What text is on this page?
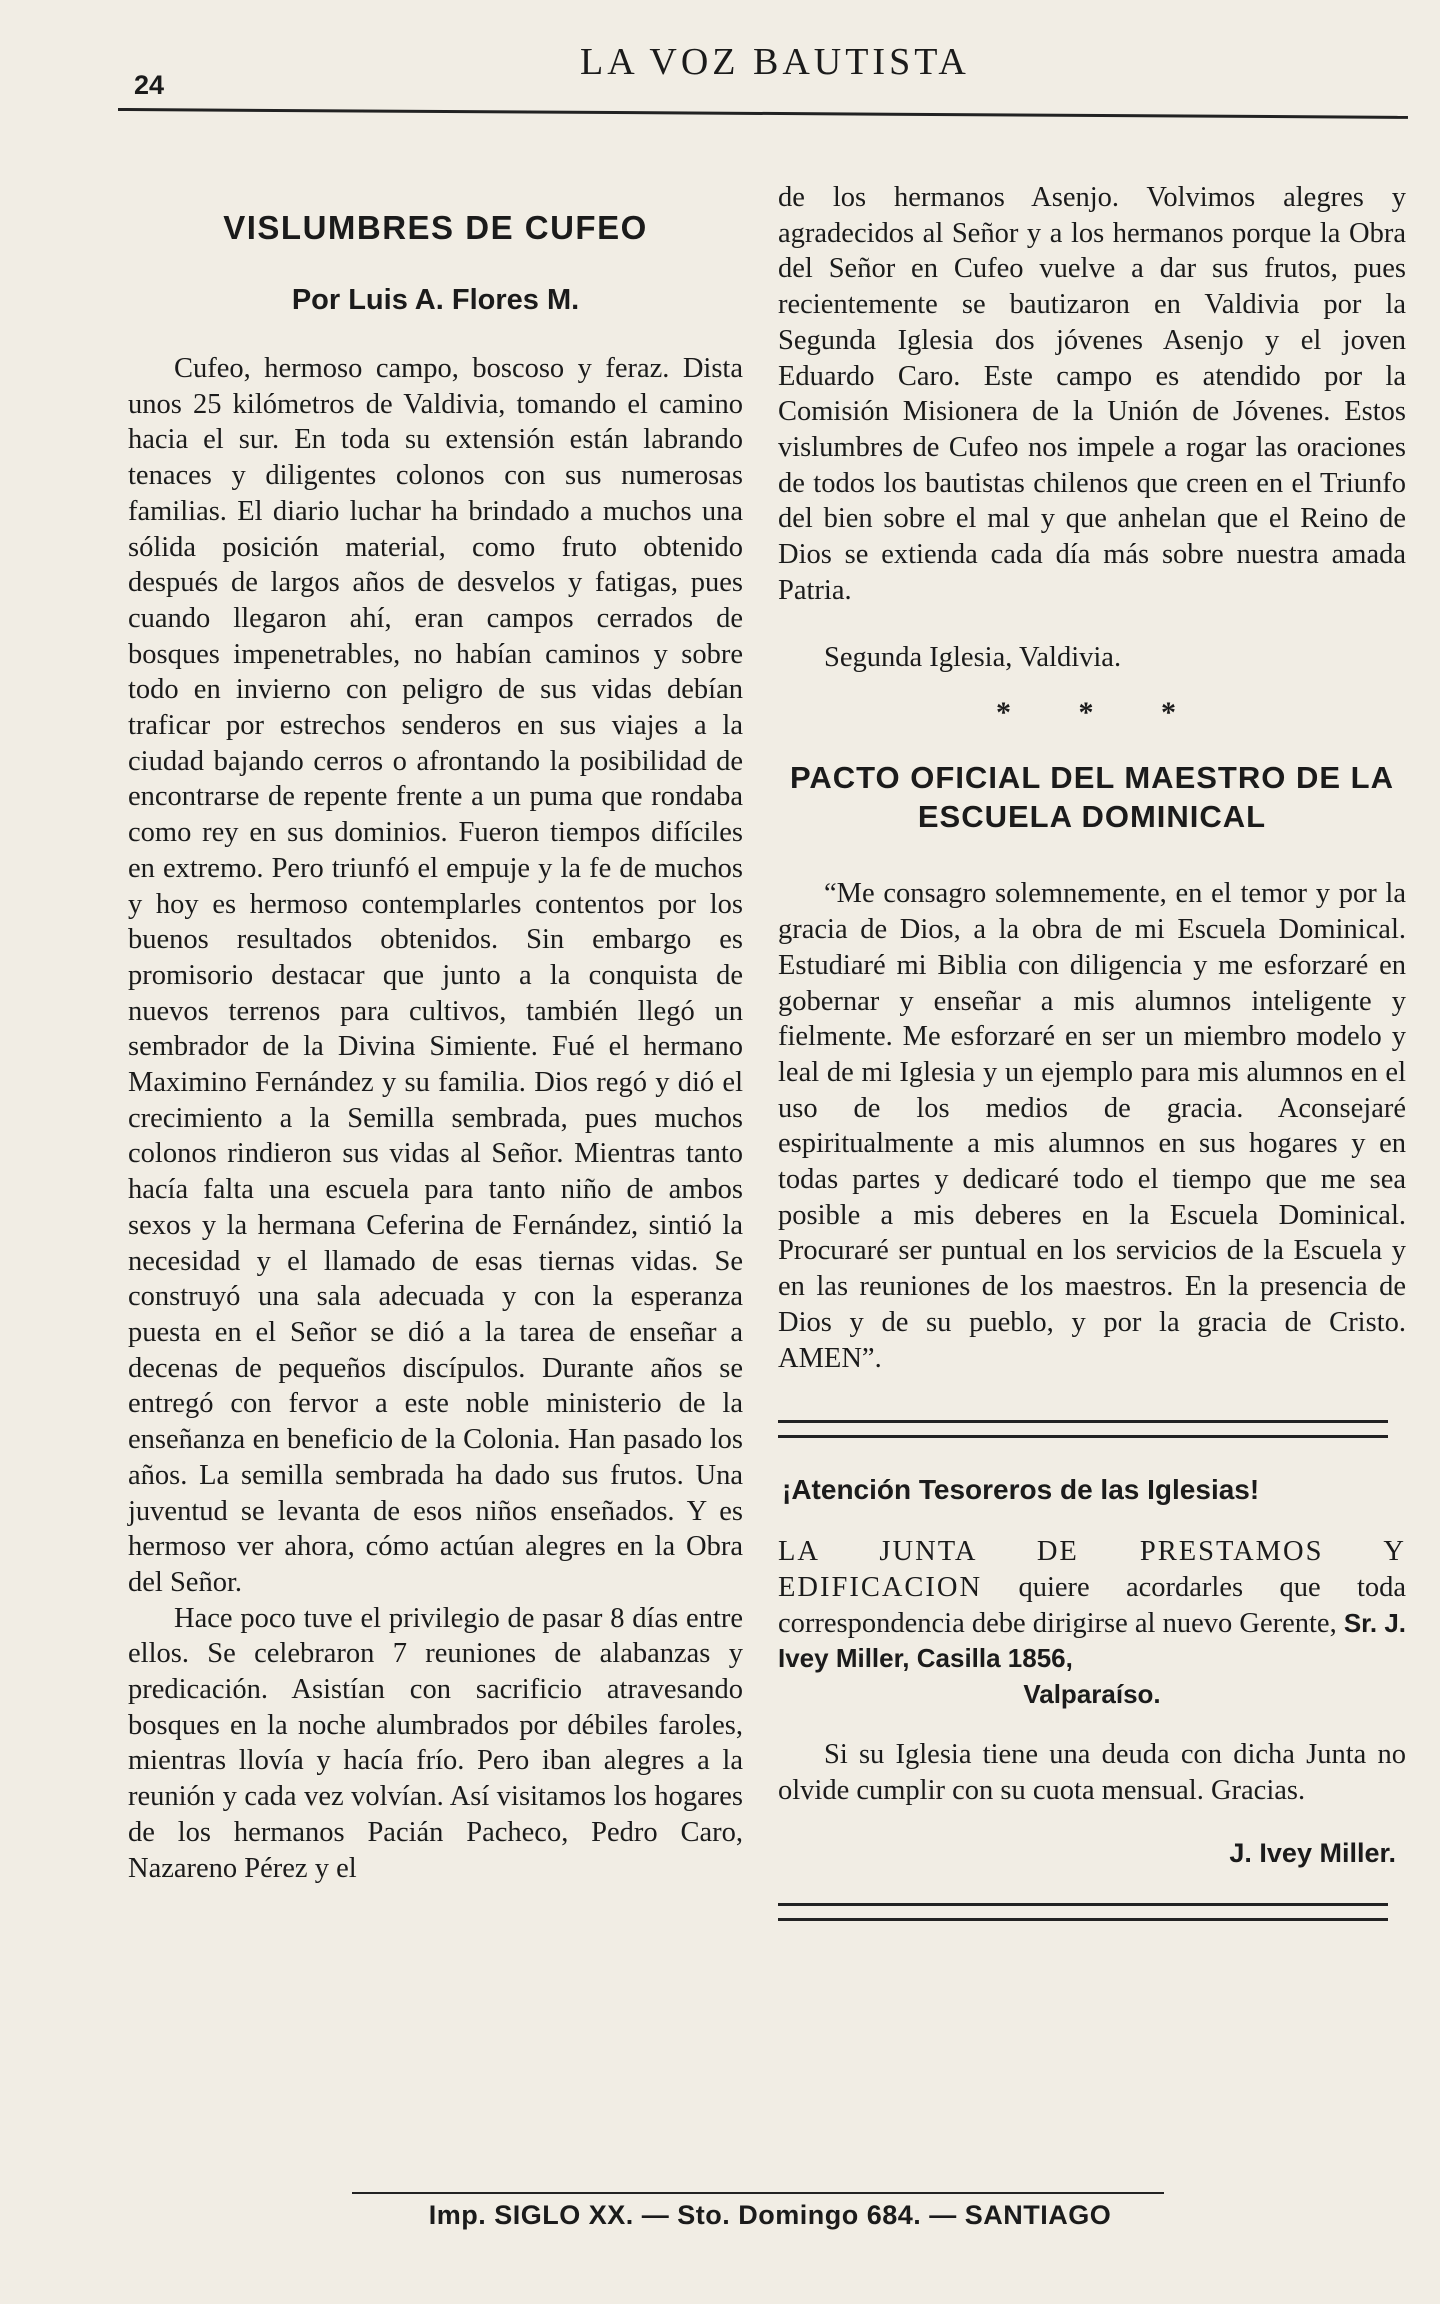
24
LA VOZ BAUTISTA
VISLUMBRES DE CUFEO
Por Luis A. Flores M.

Cufeo, hermoso campo, boscoso y feraz. Dista unos 25 kilómetros de Valdivia, tomando el camino hacia el sur. En toda su extensión están labrando tenaces y diligentes colonos con sus numerosas familias. El diario luchar ha brindado a muchos una sólida posición material, como fruto obtenido después de largos años de desvelos y fatigas, pues cuando llegaron ahí, eran campos cerrados de bosques impenetrables, no habían caminos y sobre todo en invierno con peligro de sus vidas debían traficar por estrechos senderos en sus viajes a la ciudad bajando cerros o afrontando la posibilidad de encontrarse de repente frente a un puma que rondaba como rey en sus dominios. Fueron tiempos difíciles en extremo. Pero triunfó el empuje y la fe de muchos y hoy es hermoso contemplarles contentos por los buenos resultados obtenidos. Sin embargo es promisorio destacar que junto a la conquista de nuevos terrenos para cultivos, también llegó un sembrador de la Divina Simiente. Fué el hermano Maximino Fernández y su familia. Dios regó y dió el crecimiento a la Semilla sembrada, pues muchos colonos rindieron sus vidas al Señor. Mientras tanto hacía falta una escuela para tanto niño de ambos sexos y la hermana Ceferina de Fernández, sintió la necesidad y el llamado de esas tiernas vidas. Se construyó una sala adecuada y con la esperanza puesta en el Señor se dió a la tarea de enseñar a decenas de pequeños discípulos. Durante años se entregó con fervor a este noble ministerio de la enseñanza en beneficio de la Colonia. Han pasado los años. La semilla sembrada ha dado sus frutos. Una juventud se levanta de esos niños enseñados. Y es hermoso ver ahora, cómo actúan alegres en la Obra del Señor.

Hace poco tuve el privilegio de pasar 8 días entre ellos. Se celebraron 7 reuniones de alabanzas y predicación. Asistían con sacrificio atravesando bosques en la noche alumbrados por débiles faroles, mientras llovía y hacía frío. Pero iban alegres a la reunión y cada vez volvían. Así visitamos los hogares de los hermanos Pacián Pacheco, Pedro Caro, Nazareno Pérez y el

de los hermanos Asenjo. Volvimos alegres y agradecidos al Señor y a los hermanos porque la Obra del Señor en Cufeo vuelve a dar sus frutos, pues recientemente se bautizaron en Valdivia por la Segunda Iglesia dos jóvenes Asenjo y el joven Eduardo Caro. Este campo es atendido por la Comisión Misionera de la Unión de Jóvenes. Estos vislumbres de Cufeo nos impele a rogar las oraciones de todos los bautistas chilenos que creen en el Triunfo del bien sobre el mal y que anhelan que el Reino de Dios se extienda cada día más sobre nuestra amada Patria.

Segunda Iglesia, Valdivia.
* * *
PACTO OFICIAL DEL MAESTRO DE LA ESCUELA DOMINICAL

“Me consagro solemnemente, en el temor y por la gracia de Dios, a la obra de mi Escuela Dominical. Estudiaré mi Biblia con diligencia y me esforzaré en gobernar y enseñar a mis alumnos inteligente y fielmente. Me esforzaré en ser un miembro modelo y leal de mi Iglesia y un ejemplo para mis alumnos en el uso de los medios de gracia. Aconsejaré espiritualmente a mis alumnos en sus hogares y en todas partes y dedicaré todo el tiempo que me sea posible a mis deberes en la Escuela Dominical. Procuraré ser puntual en los servicios de la Escuela y en las reuniones de los maestros. En la presencia de Dios y de su pueblo, y por la gracia de Cristo. AMEN”.

¡Atención Tesoreros de las Iglesias!

LA JUNTA DE PRESTAMOS Y EDIFICACION quiere acordarles que toda correspondencia debe dirigirse al nuevo Gerente, Sr. J. Ivey Miller, Casilla 1856,
Valparaíso.

Si su Iglesia tiene una deuda con dicha Junta no olvide cumplir con su cuota mensual. Gracias.

J. Ivey Miller.
Imp. SIGLO XX. — Sto. Domingo 684. — SANTIAGO
